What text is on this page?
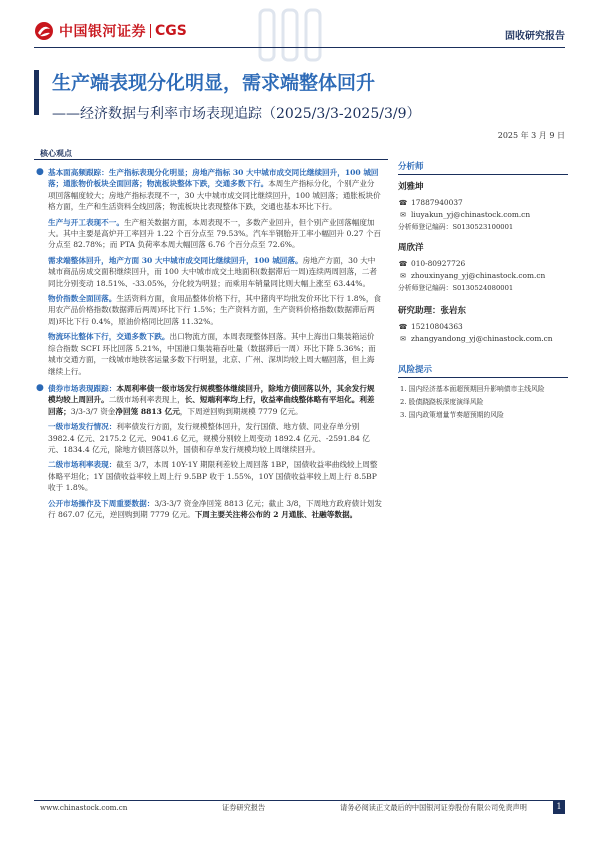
中国银河证券 CGS	固收研究报告
生产端表现分化明显，需求端整体回升
——经济数据与利率市场表现追踪（2025/3/3-2025/3/9）
2025 年 3 月 9 日
核心观点
● 基本面高频跟踪：生产指标表现分化明显；房地产指标 30 大中城市成交同比继续回升，100 城回落；通胀物价板块全面回落；物流板块整体下跌，交通多数下行。本周生产指标分化，个别产业分项回落幅度较大；房地产指标表现不一，30 大中城市成交同比继续回升，100 城回落；通胀板块价格方面，生产和生活资料全线回落；物流板块比表现整体下跌，交通也基本环比下行。
生产与开工表现不一。生产相关数据方面，本周表现不一，多数产业回升，但个别产业回落幅度加大。其中主要是高炉开工率回升 1.22 个百分点至 79.53%。汽车半钢胎开工率小幅回升 0.27 个百分点至 82.78%；而 PTA 负荷率本周大幅回落 6.76 个百分点至 72.6%。
需求端整体回升，地产方面 30 大中城市成交同比继续回升，100 城回落。房地产方面，30 大中城市商品房成交面积继续回升，而 100 大中城市成交土地面积(数据滞后一周)连续两周回落，二者同比分别变动 18.51%、-33.05%，分化较为明显；而乘用车销量同比则大幅上涨至 63.44%。
物价指数全面回落。生活资料方面，食用品整体价格下行，其中猪肉平均批发价环比下行 1.8%，食用农产品价格指数(数据滞后两周)环比下行 1.5%；生产资料方面，生产资料价格指数(数据滞后两周)环比下行 0.4%，原油价格同比回落 11.32%。
物流环比整体下行，交通多数下跌。出口物流方面，本周表现整体回落。其中上海出口集装箱运价综合指数 SCFI 环比回落 5.21%，中国港口集装箱吞吐量（数据滞后一周）环比下降 5.36%；而城市交通方面，一线城市地铁客运量多数下行明显，北京、广州、深圳均较上周大幅回落，但上海继续上行。
● 债券市场表现跟踪：本周利率债一级市场发行规模整体继续回升，除地方债回落以外，其余发行规模均较上周回升。二级市场利率表现上，长、短端利率均上行，收益率曲线整体略有平坦化。利差回落；3/3-3/7 资金净回笼 8813 亿元，下周逆回购到期规模 7779 亿元。
一级市场发行情况：利率债发行方面，发行规模整体回升，发行国债、地方债、同业存单分别 3982.4 亿元、2175.2 亿元、9041.6 亿元，规模分别较上周变动 1892.4 亿元、-2591.84 亿元、1834.4 亿元，除地方债回落以外，国债和存单发行规模均较上周继续回升。
二级市场利率表现：截至 3/7，本周 10Y-1Y 期限利差较上周回落 1BP，国债收益率曲线较上周整体略平坦化；1Y 国债收益率较上周上行 9.5BP 收于 1.55%，10Y 国债收益率较上周上行 8.5BP 收于 1.8%。
公开市场操作及下周重要数据：3/3-3/7 资金净回笼 8813 亿元；截止 3/8，下周地方政府债计划发行 867.07 亿元，逆回购到期 7779 亿元。下周主要关注将公布的 2 月通胀、社融等数据。
分析师
刘雅坤
☎ 17887940037
✉ liuyakun_yj@chinastock.com.cn
分析师登记编码：S0130523100001
周欣洋
☎ 010-80927726
✉ zhouxinyang_yj@chinastock.com.cn
分析师登记编码：S0130524080001
研究助理：张岩东
☎ 15210804363
✉ zhangyandong_yj@chinastock.com.cn
风险提示
1. 国内经济基本面超预期回升影响债市主线风险
2. 股债跷跷板深度演绎风险
3. 国内政策增量节奏超预期的风险
www.chinastock.com.cn	证券研究报告	请务必阅读正文最后的中国银河证券股份有限公司免责声明	1
